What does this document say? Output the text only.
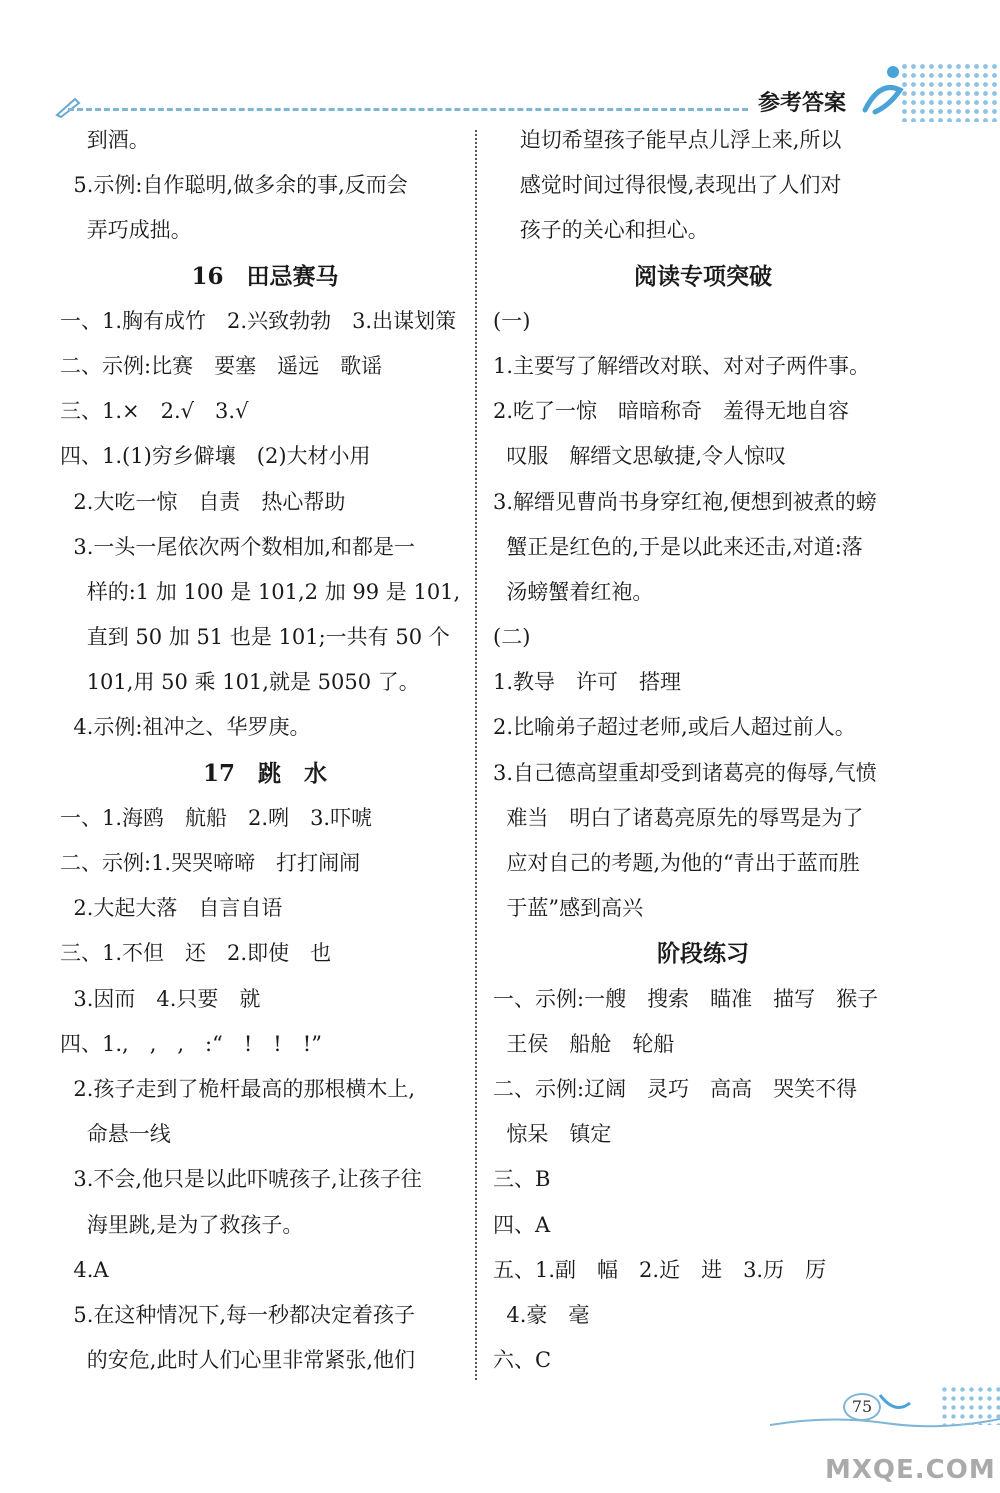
参考答案
到酒。
5.示例:自作聪明,做多余的事,反而会
弄巧成拙。
16　田忌赛马
一、1.胸有成竹　2.兴致勃勃　3.出谋划策
二、示例:比赛　要塞　遥远　歌谣
三、1.×　2.√　3.√
四、1.(1)穷乡僻壤　(2)大材小用
2.大吃一惊　自责　热心帮助
3.一头一尾依次两个数相加,和都是一
样的:1 加 100 是 101,2 加 99 是 101,
直到 50 加 51 也是 101;一共有 50 个
101,用 50 乘 101,就是 5050 了。
4.示例:祖冲之、华罗庚。
17　跳　水
一、1.海鸥　航船　2.咧　3.吓唬
二、示例:1.哭哭啼啼　打打闹闹
2.大起大落　自言自语
三、1.不但　还　2.即使　也
3.因而　4.只要　就
四、1.,　,　,　:“　!　!　!”
2.孩子走到了桅杆最高的那根横木上,
命悬一线
3.不会,他只是以此吓唬孩子,让孩子往
海里跳,是为了救孩子。
4.A
5.在这种情况下,每一秒都决定着孩子
的安危,此时人们心里非常紧张,他们
迫切希望孩子能早点儿浮上来,所以
感觉时间过得很慢,表现出了人们对
孩子的关心和担心。
阅读专项突破
(一)
1.主要写了解缙改对联、对对子两件事。
2.吃了一惊　暗暗称奇　羞得无地自容
叹服　解缙文思敏捷,令人惊叹
3.解缙见曹尚书身穿红袍,便想到被煮的螃
蟹正是红色的,于是以此来还击,对道:落
汤螃蟹着红袍。
(二)
1.教导　许可　搭理
2.比喻弟子超过老师,或后人超过前人。
3.自己德高望重却受到诸葛亮的侮辱,气愤
难当　明白了诸葛亮原先的辱骂是为了
应对自己的考题,为他的“青出于蓝而胜
于蓝”感到高兴
阶段练习
一、示例:一艘　搜索　瞄准　描写　猴子
王侯　船舱　轮船
二、示例:辽阔　灵巧　高高　哭笑不得
惊呆　镇定
三、B
四、A
五、1.副　幅　2.近　进　3.历　厉
4.豪　毫
六、C
75
MXQE.COM
